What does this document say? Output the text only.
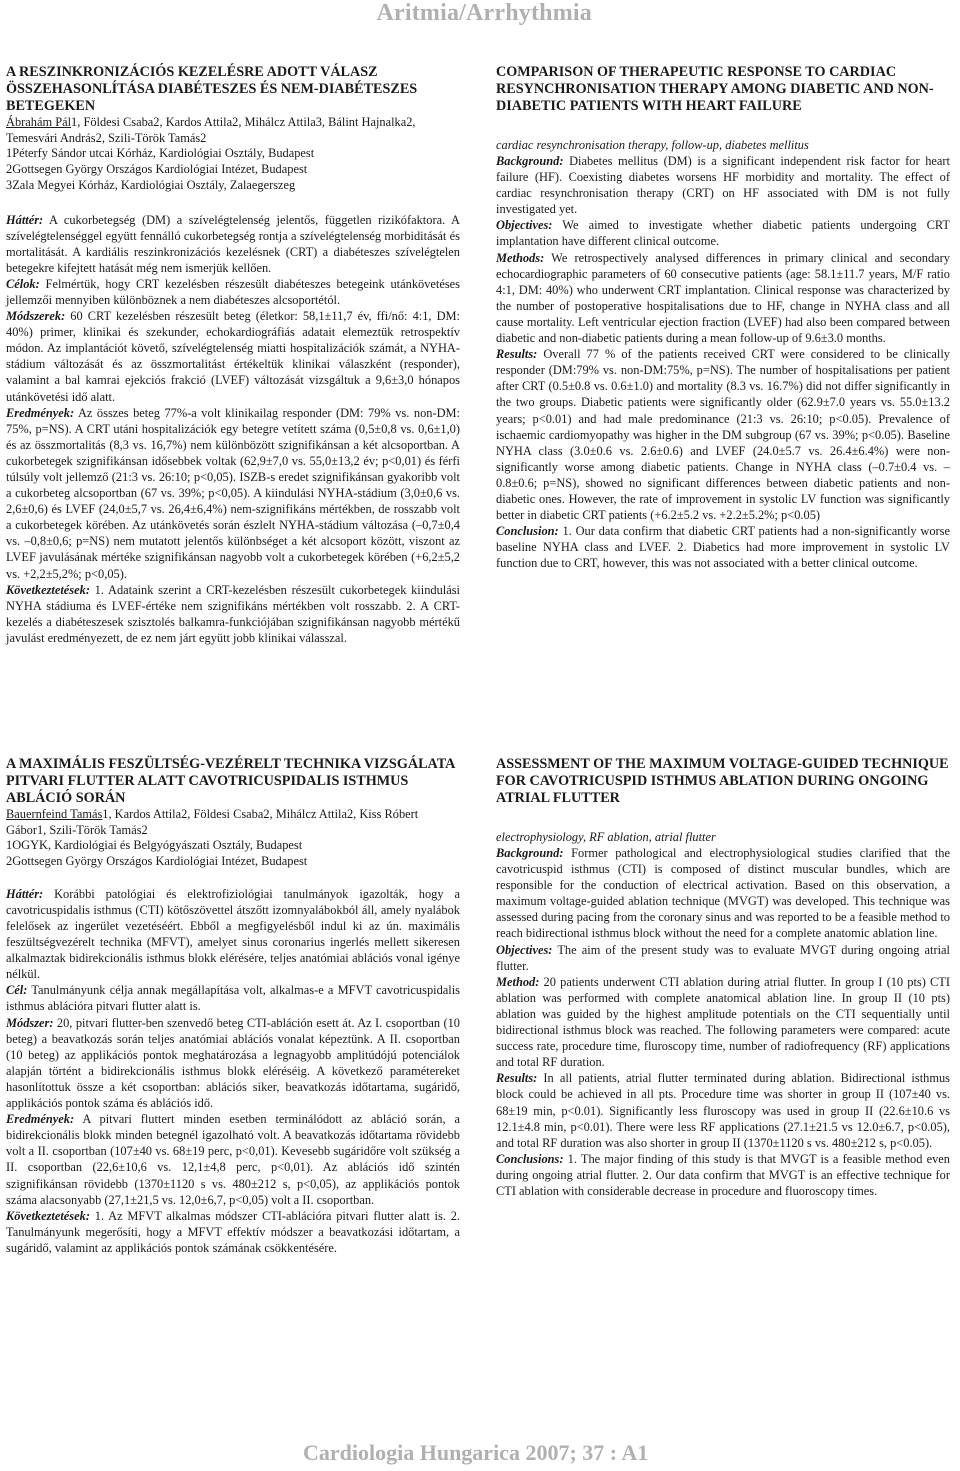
Aritmia/Arrhythmia
A RESZINKRONIZÁCIÓS KEZELÉSRE ADOTT VÁLASZ ÖSSZEHASONLÍTÁSA DIABÉTESZES ÉS NEM-DIABÉTESZES BETEGEKEN
Ábrahám Pál1, Földesi Csaba2, Kardos Attila2, Mihálcz Attila3, Bálint Hajnalka2, Temesvári András2, Szili-Török Tamás2
1Péterfy Sándor utcai Kórház, Kardiológiai Osztály, Budapest
2Gottsegen György Országos Kardiológiai Intézet, Budapest
3Zala Megyei Kórház, Kardiológiai Osztály, Zalaegerszeg
Háttér: A cukorbetegség (DM) a szívelégtelenség jelentős, független rizikófaktora. A szívelégtelenséggel együtt fennálló cukorbetegség rontja a szívelégtelenség morbiditását és mortalitását. A kardiális reszinkronizációs kezelésnek (CRT) a diabéteszes szívelégtelen betegekre kifejtett hatását még nem ismerjük kellően.
Célok: Felmértük, hogy CRT kezelésben részesült diabéteszes betegeink utánkövetéses jellemzői mennyiben különböznek a nem diabéteszes alcsoportétól.
Módszerek: 60 CRT kezelésben részesült beteg (életkor: 58,1±11,7 év, ffi/nő: 4:1, DM: 40%) primer, klinikai és szekunder, echokardiográfiás adatait elemeztük retrospektív módon. Az implantációt követő, szívelégtelenség miatti hospitalizációk számát, a NYHA-stádium változását és az összmortalitást értékeltük klinikai válaszként (responder), valamint a bal kamrai ejekciós frakció (LVEF) változását vizsgáltuk a 9,6±3,0 hónapos utánkövetési idő alatt.
Eredmények: Az összes beteg 77%-a volt klinikailag responder (DM: 79% vs. non-DM: 75%, p=NS). A CRT utáni hospitalizációk egy betegre vetített száma (0,5±0,8 vs. 0,6±1,0) és az összmortalitás (8,3 vs. 16,7%) nem különbözött szignifikánsan a két alcsoportban. A cukorbetegek szignifikánsan idősebbek voltak (62,9±7,0 vs. 55,0±13,2 év; p<0,01) és férfi túlsúly volt jellemző (21:3 vs. 26:10; p<0,05). ISZB-s eredet szignifikánsan gyakoribb volt a cukorbeteg alcsoportban (67 vs. 39%; p<0,05). A kiindulási NYHA-stádium (3,0±0,6 vs. 2,6±0,6) és LVEF (24,0±5,7 vs. 26,4±6,4%) nem-szignifikáns mértékben, de rosszabb volt a cukorbetegek körében. Az utánkövetés során észlelt NYHA-stádium változása (–0,7±0,4 vs. –0,8±0,6; p=NS) nem mutatott jelentős különbséget a két alcsoport között, viszont az LVEF javulásának mértéke szignifikánsan nagyobb volt a cukorbetegek körében (+6,2±5,2 vs. +2,2±5,2%; p<0,05).
Következtetések: 1. Adataink szerint a CRT-kezelésben részesült cukorbetegek kiindulási NYHA stádiuma és LVEF-értéke nem szignifikáns mértékben volt rosszabb. 2. A CRT-kezelés a diabéteszesek szisztolés balkamra-funkciójában szignifikánsan nagyobb mértékű javulást eredményezett, de ez nem járt együtt jobb klinikai válasszal.
COMPARISON OF THERAPEUTIC RESPONSE TO CARDIAC RESYNCHRONISATION THERAPY AMONG DIABETIC AND NON-DIABETIC PATIENTS WITH HEART FAILURE
cardiac resynchronisation therapy, follow-up, diabetes mellitus
Background: Diabetes mellitus (DM) is a significant independent risk factor for heart failure (HF). Coexisting diabetes worsens HF morbidity and mortality. The effect of cardiac resynchronisation therapy (CRT) on HF associated with DM is not fully investigated yet.
Objectives: We aimed to investigate whether diabetic patients undergoing CRT implantation have different clinical outcome.
Methods: We retrospectively analysed differences in primary clinical and secondary echocardiographic parameters of 60 consecutive patients (age: 58.1±11.7 years, M/F ratio 4:1, DM: 40%) who underwent CRT implantation. Clinical response was characterized by the number of postoperative hospitalisations due to HF, change in NYHA class and all cause mortality. Left ventricular ejection fraction (LVEF) had also been compared between diabetic and non-diabetic patients during a mean follow-up of 9.6±3.0 months.
Results: Overall 77 % of the patients received CRT were considered to be clinically responder (DM:79% vs. non-DM:75%, p=NS). The number of hospitalisations per patient after CRT (0.5±0.8 vs. 0.6±1.0) and mortality (8.3 vs. 16.7%) did not differ significantly in the two groups. Diabetic patients were significantly older (62.9±7.0 years vs. 55.0±13.2 years; p<0.01) and had male predominance (21:3 vs. 26:10; p<0.05). Prevalence of ischaemic cardiomyopathy was higher in the DM subgroup (67 vs. 39%; p<0.05). Baseline NYHA class (3.0±0.6 vs. 2.6±0.6) and LVEF (24.0±5.7 vs. 26.4±6.4%) were non-significantly worse among diabetic patients. Change in NYHA class (–0.7±0.4 vs. –0.8±0.6; p=NS), showed no significant differences between diabetic patients and non-diabetic ones. However, the rate of improvement in systolic LV function was significantly better in diabetic CRT patients (+6.2±5.2 vs. +2.2±5.2%; p<0.05)
Conclusion: 1. Our data confirm that diabetic CRT patients had a non-significantly worse baseline NYHA class and LVEF. 2. Diabetics had more improvement in systolic LV function due to CRT, however, this was not associated with a better clinical outcome.
A MAXIMÁLIS FESZÜLTSÉG-VEZÉRELT TECHNIKA VIZSGÁLATA PITVARI FLUTTER ALATT CAVOTRICUSPIDALIS ISTHMUS ABLÁCIÓ SORÁN
Bauernfeind Tamás1, Kardos Attila2, Földesi Csaba2, Mihálcz Attila2, Kiss Róbert Gábor1, Szili-Török Tamás2
1OGYK, Kardiológiai és Belgyógyászati Osztály, Budapest
2Gottsegen György Országos Kardiológiai Intézet, Budapest
Háttér: Korábbi patológiai és elektrofiziológiai tanulmányok igazolták, hogy a cavotricuspidalis isthmus (CTI) kötőszövettel átszőtt izomnyalábokból áll, amely nyalábok felelősek az ingerület vezetéséért. Ebből a megfigyelésből indul ki az ún. maximális feszültségvezérelt technika (MFVT), amelyet sinus coronarius ingerlés mellett sikeresen alkalmaztak bidirekcionális isthmus blokk elérésére, teljes anatómiai ablációs vonal igénye nélkül.
Cél: Tanulmányunk célja annak megállapítása volt, alkalmas-e a MFVT cavotricuspidalis isthmus ablációra pitvari flutter alatt is.
Módszer: 20, pitvari flutter-ben szenvedő beteg CTI-abláción esett át. Az I. csoportban (10 beteg) a beavatkozás során teljes anatómiai ablációs vonalat képeztünk. A II. csoportban (10 beteg) az applikációs pontok meghatározása a legnagyobb amplitúdójú potenciálok alapján történt a bidirekcionális isthmus blokk eléréséig. A következő paramétereket hasonlítottuk össze a két csoportban: ablációs siker, beavatkozás időtartama, sugáridő, applikációs pontok száma és ablációs idő.
Eredmények: A pitvari fluttert minden esetben terminálódott az abláció során, a bidirekcionális blokk minden betegnél igazolható volt. A beavatkozás időtartama rövidebb volt a II. csoportban (107±40 vs. 68±19 perc, p<0,01). Kevesebb sugáridőre volt szükség a II. csoportban (22,6±10,6 vs. 12,1±4,8 perc, p<0,01). Az ablációs idő szintén szignifikánsan rövidebb (1370±1120 s vs. 480±212 s, p<0,05), az applikációs pontok száma alacsonyabb (27,1±21,5 vs. 12,0±6,7, p<0,05) volt a II. csoportban.
Következtetések: 1. Az MFVT alkalmas módszer CTI-ablációra pitvari flutter alatt is. 2. Tanulmányunk megerősíti, hogy a MFVT effektív módszer a beavatkozási időtartam, a sugáridő, valamint az applikációs pontok számának csökkentésére.
ASSESSMENT OF THE MAXIMUM VOLTAGE-GUIDED TECHNIQUE FOR CAVOTRICUSPID ISTHMUS ABLATION DURING ONGOING ATRIAL FLUTTER
electrophysiology, RF ablation, atrial flutter
Background: Former pathological and electrophysiological studies clarified that the cavotricuspid isthmus (CTI) is composed of distinct muscular bundles, which are responsible for the conduction of electrical activation. Based on this observation, a maximum voltage-guided ablation technique (MVGT) was developed. This technique was assessed during pacing from the coronary sinus and was reported to be a feasible method to reach bidirectional isthmus block without the need for a complete anatomic ablation line.
Objectives: The aim of the present study was to evaluate MVGT during ongoing atrial flutter.
Method: 20 patients underwent CTI ablation during atrial flutter. In group I (10 pts) CTI ablation was performed with complete anatomical ablation line. In group II (10 pts) ablation was guided by the highest amplitude potentials on the CTI sequentially until bidirectional isthmus block was reached. The following parameters were compared: acute success rate, procedure time, fluroscopy time, number of radiofrequency (RF) applications and total RF duration.
Results: In all patients, atrial flutter terminated during ablation. Bidirectional isthmus block could be achieved in all pts. Procedure time was shorter in group II (107±40 vs. 68±19 min, p<0.01). Significantly less fluroscopy was used in group II (22.6±10.6 vs 12.1±4.8 min, p<0.01). There were less RF applications (27.1±21.5 vs 12.0±6.7, p<0.05), and total RF duration was also shorter in group II (1370±1120 s vs. 480±212 s, p<0.05).
Conclusions: 1. The major finding of this study is that MVGT is a feasible method even during ongoing atrial flutter. 2. Our data confirm that MVGT is an effective technique for CTI ablation with considerable decrease in procedure and fluoroscopy times.
Cardiologia Hungarica 2007; 37 : A1
